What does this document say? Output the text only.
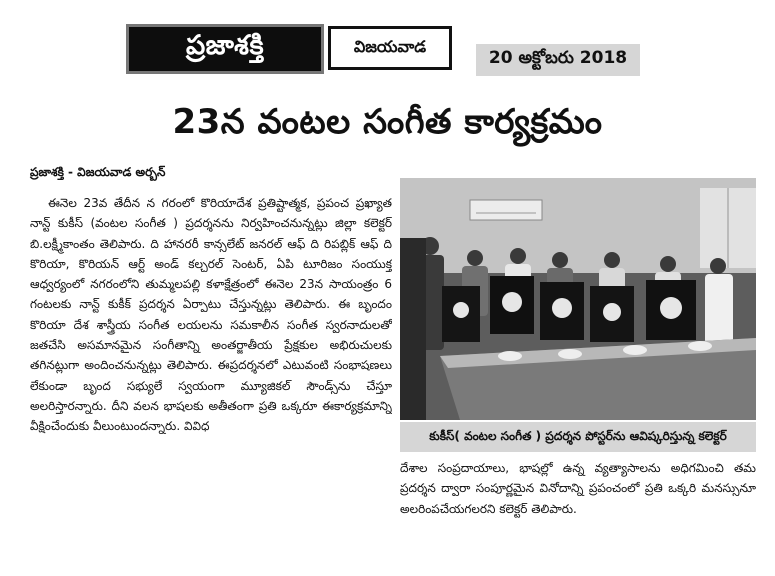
ప్రజాశక్తి	విజయవాడ
20 అక్టోబరు 2018
23న వంటల సంగీత కార్యక్రమం
ప్రజాశక్తి - విజయవాడ అర్బన్
ఈనెల 23వ తేదీన న గరంలో కొరియాదేశ ప్రతిష్టాత్మక, ప్రపంచ ప్రఖ్యాత నాన్ట్ కుకీస్ (వంటల సంగీత ) ప్రదర్శనను నిర్వహించనున్నట్లు జిల్లా కలెక్టర్ బి.లక్ష్మీకాంతం తెలిపారు. ది హానరరీ కాన్సలేట్ జనరల్ ఆఫ్ ది రిపబ్లిక్ ఆఫ్ ది కొరియా, కొరియన్ ఆర్ట్ అండ్ కల్చరల్ సెంటర్, ఏపి టూరిజం సంయుక్త ఆధ్వర్యంలో నగరంలోని తుమ్మలపల్లి కళాక్షేత్రంలో ఈనెల 23న సాయంత్రం 6 గంటలకు నాన్ట్ కుకీక్ ప్రదర్శన ఏర్పాటు చేస్తున్నట్లు తెలిపారు. ఈ బృందం కొరియా దేశ శాస్త్రీయ సంగీత లయలను సమకాలీన సంగీత స్వరనాదులతో జతచేసి అసమానమైన సంగీతాన్ని అంతర్జాతీయ ప్రేక్షకుల అభిరుచులకు తగినట్లుగా అందించనున్నట్లు తెలిపారు. ఈప్రదర్శనలో ఎటువంటి సంభాషణలు లేకుండా బృంద సభ్యులే స్వయంగా మ్యూజికల్ సౌండ్స్‌ను చేస్తూ అలరిస్తారన్నారు. దీని వలన భాషలకు అతీతంగా ప్రతి ఒక్కరూ ఈకార్యక్రమాన్ని వీక్షించేందుకు వీలుంటుందన్నారు. వివిధ
కుకీస్( వంటల సంగీత ) ప్రదర్శన పోస్టర్‌ను ఆవిష్కరిస్తున్న కలెక్టర్
దేశాల సంప్రదాయాలు, భాషల్లో ఉన్న వ్యత్యాసాలను అధిగమించి తమ ప్రదర్శన ద్వారా సంపూర్ణమైన వినోదాన్ని ప్రపంచంలో ప్రతి ఒక్కరి మనస్సునూ అలరింపచేయగలరని కలెక్టర్ తెలిపారు.
